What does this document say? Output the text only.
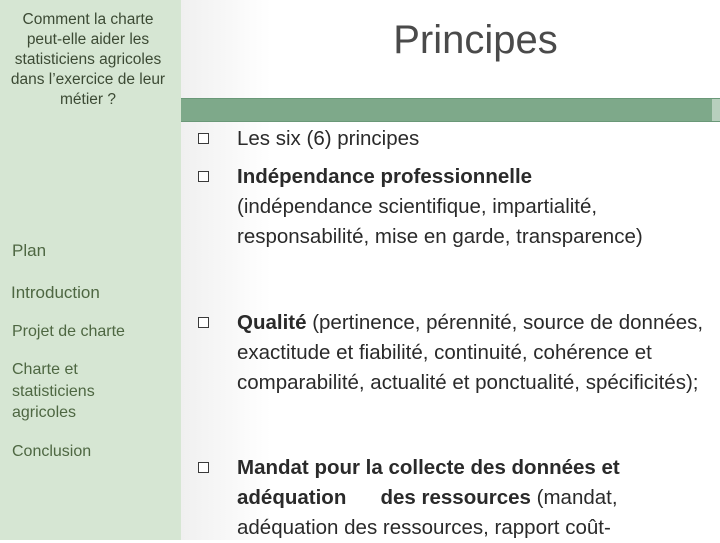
Comment la charte peut-elle aider les statisticiens agricoles dans l’exercice de leur métier ?
Plan
Introduction
Projet de charte
Charte et statisticiens agricoles
Conclusion
Principes
Les six (6) principes
Indépendance professionnelle
(indépendance scientifique, impartialité, responsabilité, mise en garde, transparence)
Qualité (pertinence, pérennité, source de données, exactitude et fiabilité, continuité, cohérence et comparabilité, actualité et ponctualité, spécificités);
Mandat pour la collecte des données et adéquation      des ressources (mandat, adéquation des ressources, rapport coût-
